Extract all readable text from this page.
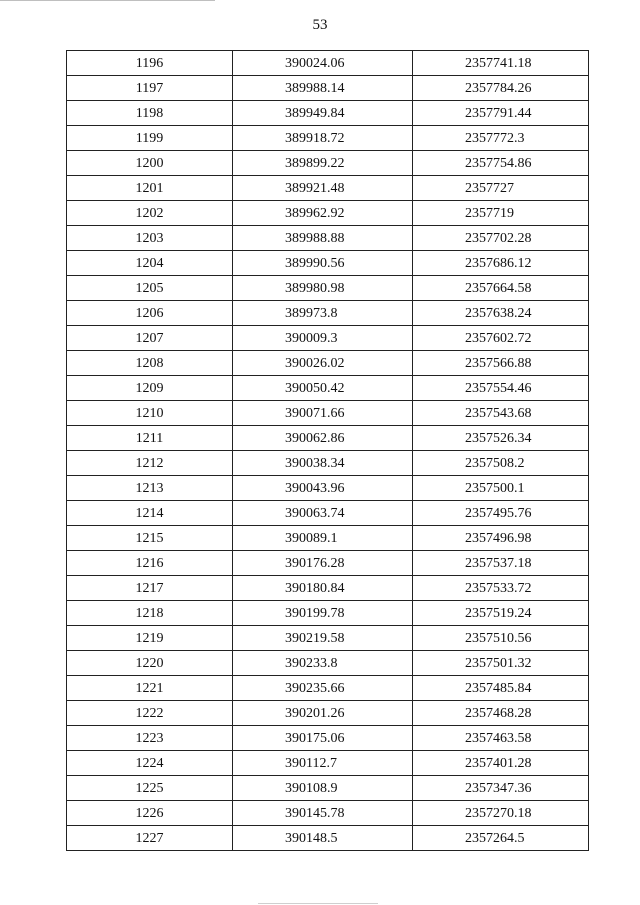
53
1196	390024.06	2357741.18
1197	389988.14	2357784.26
1198	389949.84	2357791.44
1199	389918.72	2357772.3
1200	389899.22	2357754.86
1201	389921.48	2357727
1202	389962.92	2357719
1203	389988.88	2357702.28
1204	389990.56	2357686.12
1205	389980.98	2357664.58
1206	389973.8	2357638.24
1207	390009.3	2357602.72
1208	390026.02	2357566.88
1209	390050.42	2357554.46
1210	390071.66	2357543.68
1211	390062.86	2357526.34
1212	390038.34	2357508.2
1213	390043.96	2357500.1
1214	390063.74	2357495.76
1215	390089.1	2357496.98
1216	390176.28	2357537.18
1217	390180.84	2357533.72
1218	390199.78	2357519.24
1219	390219.58	2357510.56
1220	390233.8	2357501.32
1221	390235.66	2357485.84
1222	390201.26	2357468.28
1223	390175.06	2357463.58
1224	390112.7	2357401.28
1225	390108.9	2357347.36
1226	390145.78	2357270.18
1227	390148.5	2357264.5
